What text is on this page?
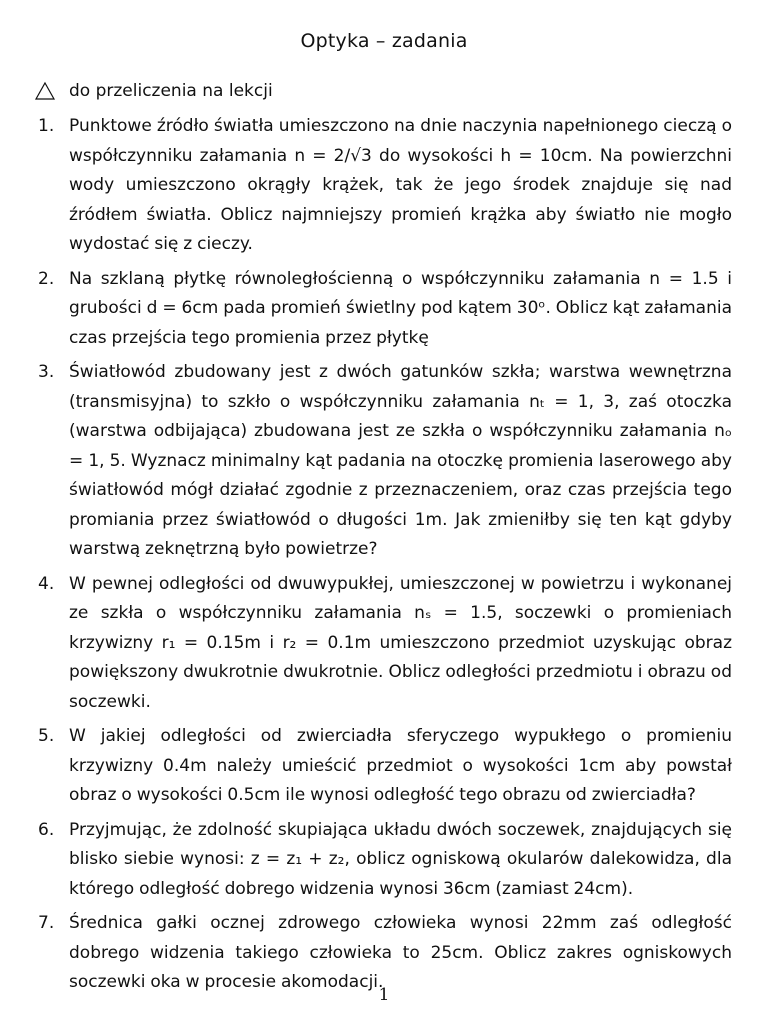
Optyka – zadania
do przeliczenia na lekcji
1. Punktowe źródło światła umieszczono na dnie naczynia napełnionego cieczą o współczynniku załamania n = 2/√3 do wysokości h = 10cm. Na powierzchni wody umieszczono okrągły krążek, tak że jego środek znajduje się nad źródłem światła. Oblicz najmniejszy promień krążka aby światło nie mogło wydostać się z cieczy.
2. Na szklaną płytkę równoległościenną o współczynniku załamania n = 1.5 i grubości d = 6cm pada promień świetlny pod kątem 30ᵒ. Oblicz kąt załamania czas przejścia tego promienia przez płytkę
3. Światłowód zbudowany jest z dwóch gatunków szkła; warstwa wewnętrzna (transmisyjna) to szkło o współczynniku załamania nₜ = 1, 3, zaś otoczka (warstwa odbijająca) zbudowana jest ze szkła o współczynniku załamania nₒ = 1, 5. Wyznacz minimalny kąt padania na otoczkę promienia laserowego aby światłowód mógł działać zgodnie z przeznaczeniem, oraz czas przejścia tego promiania przez światłowód o długości 1m. Jak zmieniłby się ten kąt gdyby warstwą zeknętrzną było powietrze?
4. W pewnej odległości od dwuwypukłej, umieszczonej w powietrzu i wykonanej ze szkła o współczynniku załamania nₛ = 1.5, soczewki o promieniach krzywizny r₁ = 0.15m i r₂ = 0.1m umieszczono przedmiot uzyskując obraz powiększony dwukrotnie dwukrotnie. Oblicz odległości przedmiotu i obrazu od soczewki.
5. W jakiej odległości od zwierciadła sferyczego wypukłego o promieniu krzywizny 0.4m należy umieścić przedmiot o wysokości 1cm aby powstał obraz o wysokości 0.5cm ile wynosi odległość tego obrazu od zwierciadła?
6. Przyjmując, że zdolność skupiająca układu dwóch soczewek, znajdujących się blisko siebie wynosi: z = z₁ + z₂, oblicz ogniskową okularów dalekowidza, dla którego odległość dobrego widzenia wynosi 36cm (zamiast 24cm).
7. Średnica gałki ocznej zdrowego człowieka wynosi 22mm zaś odległość dobrego widzenia takiego człowieka to 25cm. Oblicz zakres ogniskowych soczewki oka w procesie akomodacji.
1
